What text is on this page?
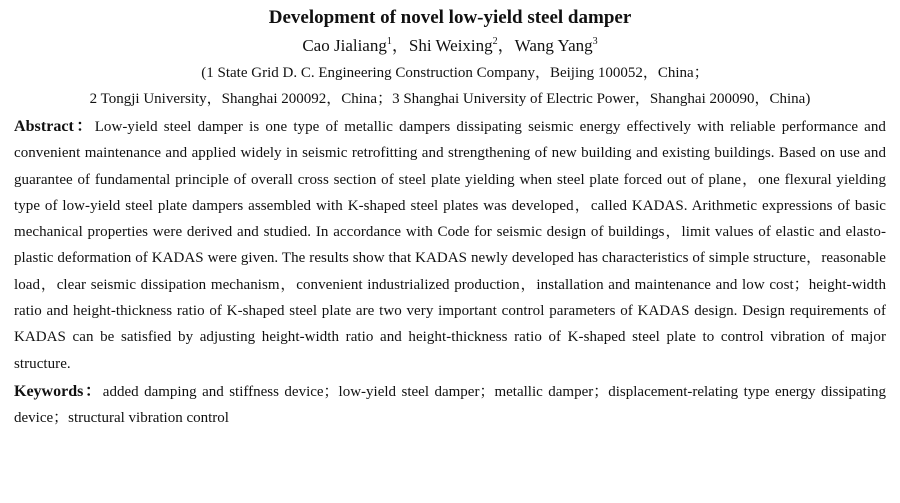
Development of novel low-yield steel damper
Cao Jialiang$^1$，Shi Weixing$^2$，Wang Yang$^3$
(1 State Grid D. C. Engineering Construction Company，Beijing 100052，China；
2 Tongji University，Shanghai 200092，China；3 Shanghai University of Electric Power，Shanghai 200090，China)
Abstract：Low-yield steel damper is one type of metallic dampers dissipating seismic energy effectively with reliable performance and convenient maintenance and applied widely in seismic retrofitting and strengthening of new building and existing buildings. Based on use and guarantee of fundamental principle of overall cross section of steel plate yielding when steel plate forced out of plane，one flexural yielding type of low-yield steel plate dampers assembled with K-shaped steel plates was developed，called KADAS. Arithmetic expressions of basic mechanical properties were derived and studied. In accordance with Code for seismic design of buildings，limit values of elastic and elasto-plastic deformation of KADAS were given. The results show that KADAS newly developed has characteristics of simple structure，reasonable load，clear seismic dissipation mechanism，convenient industrialized production，installation and maintenance and low cost；height-width ratio and height-thickness ratio of K-shaped steel plate are two very important control parameters of KADAS design. Design requirements of KADAS can be satisfied by adjusting height-width ratio and height-thickness ratio of K-shaped steel plate to control vibration of major structure.
Keywords：added damping and stiffness device；low-yield steel damper；metallic damper；displacement-relating type energy dissipating device；structural vibration control
